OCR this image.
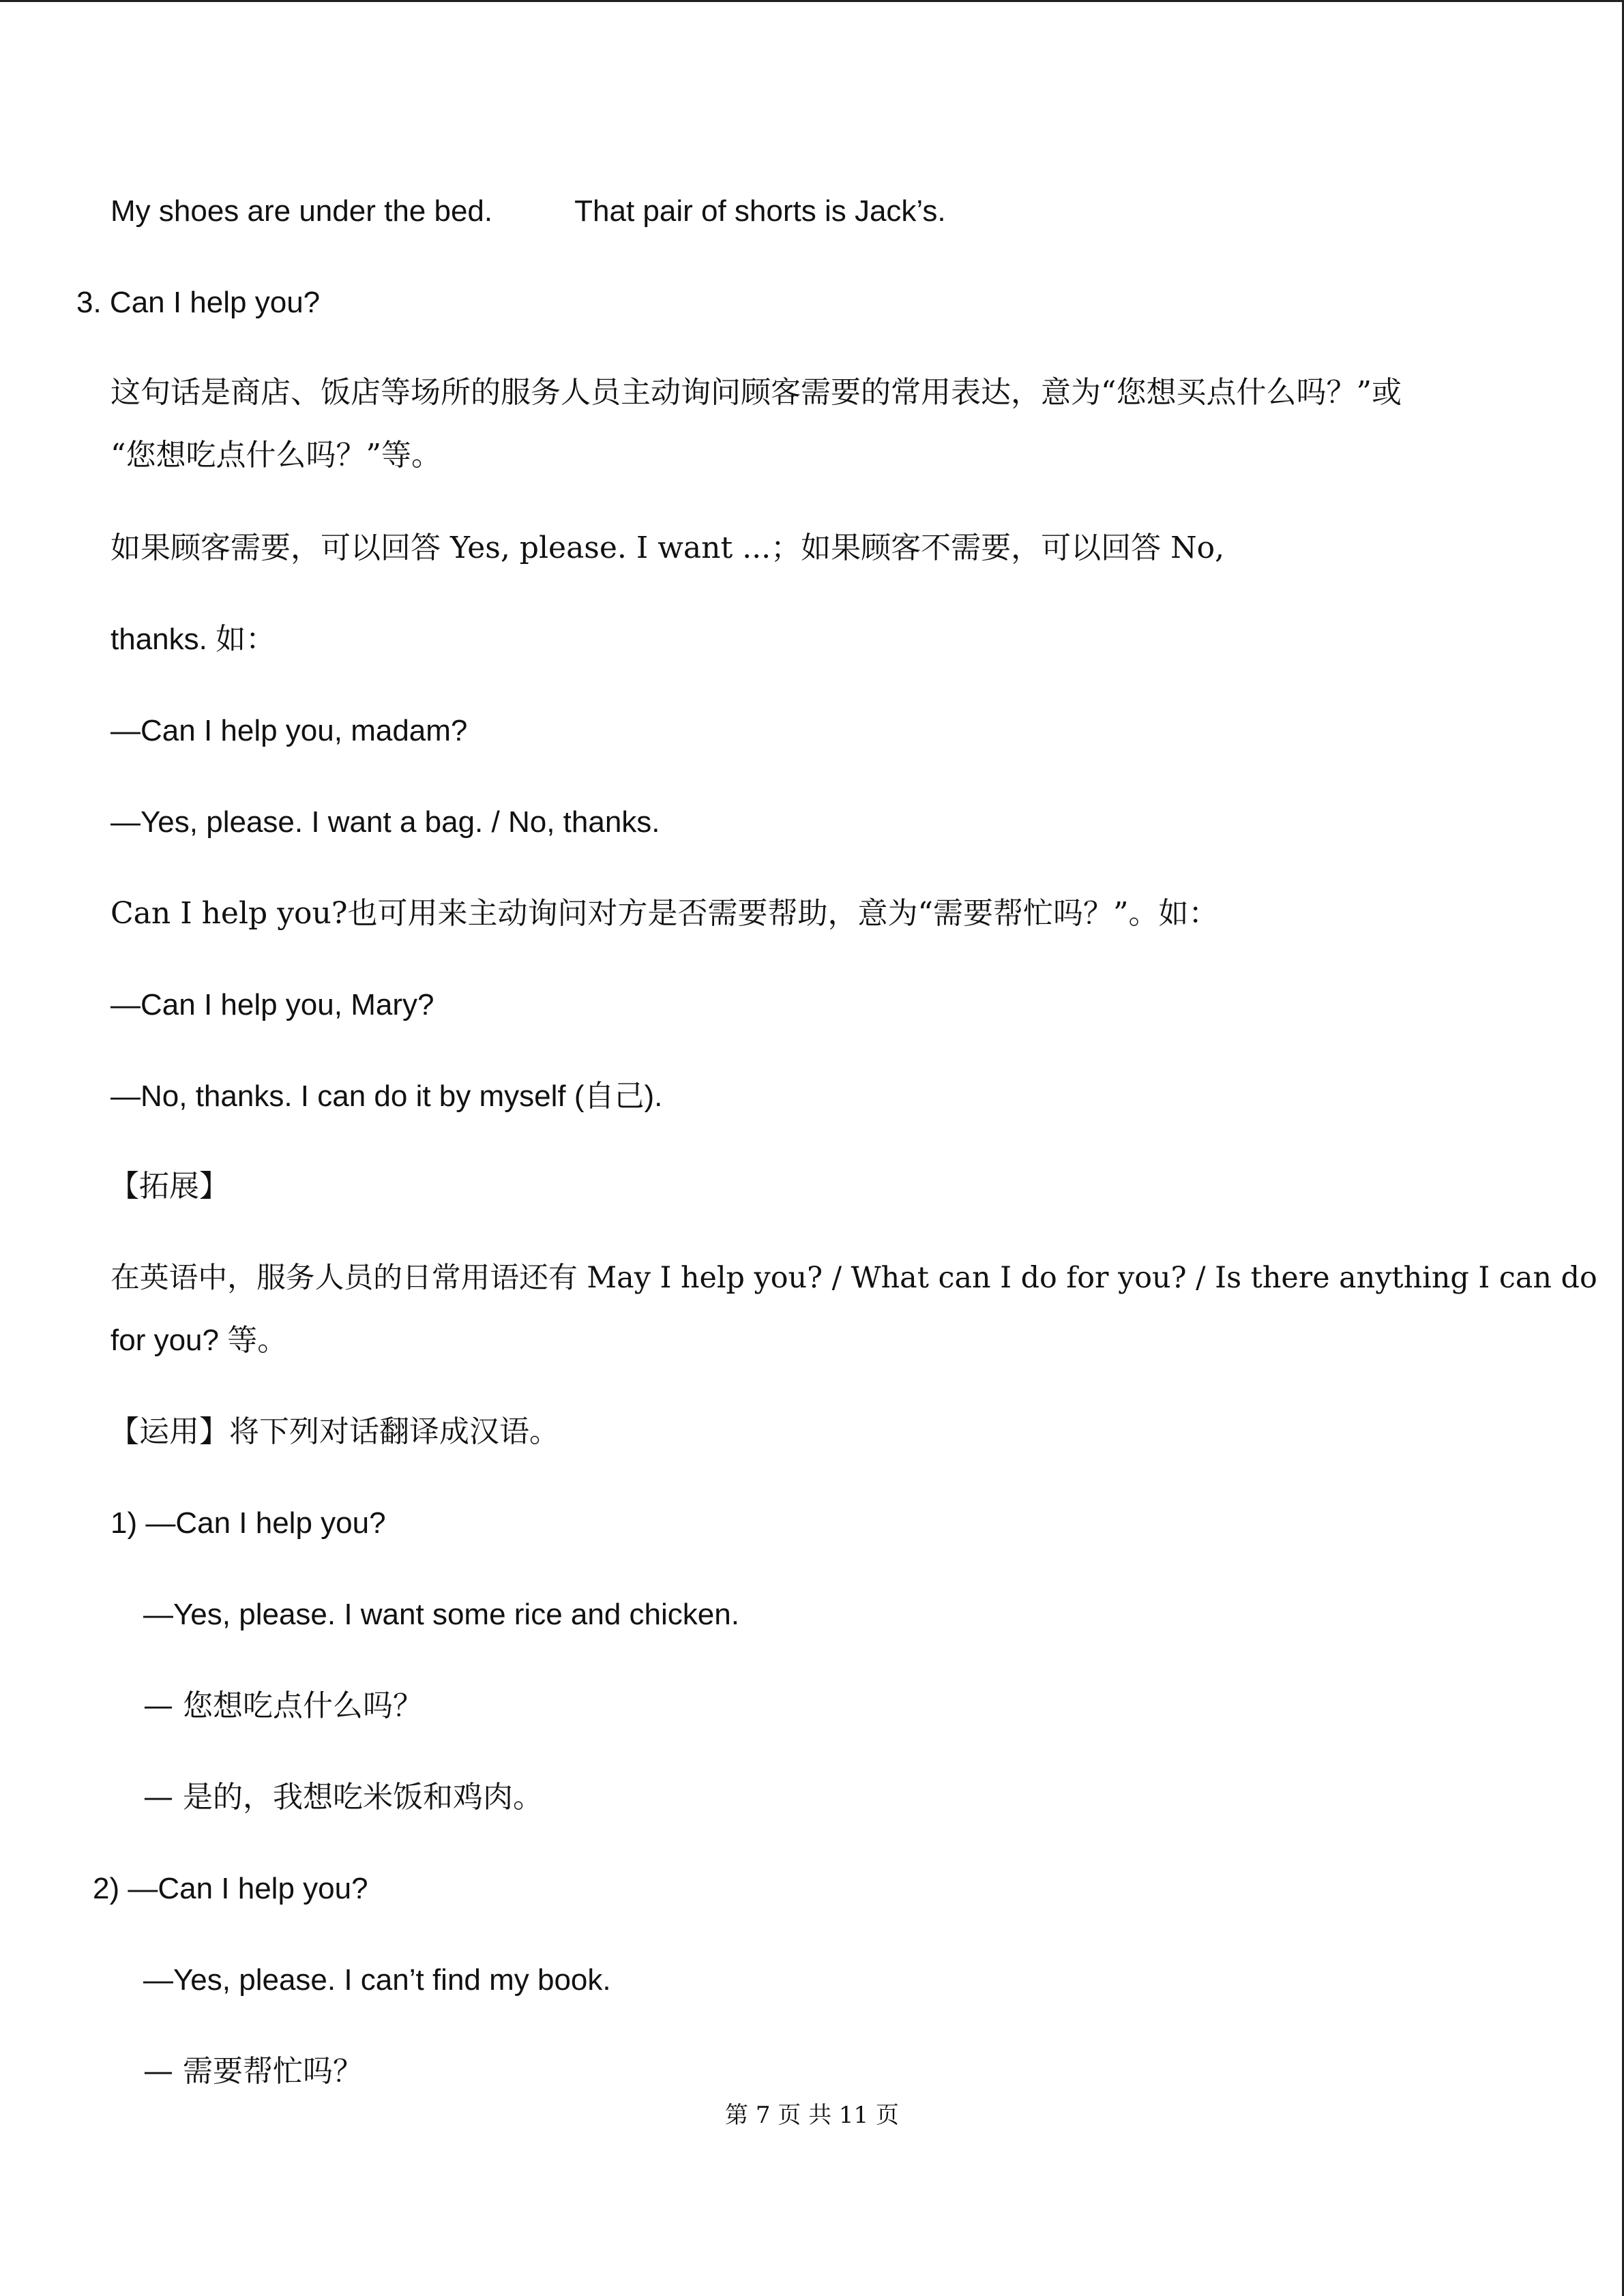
My shoes are under the bed.	That pair of shorts is Jack’s.

3. Can I help you?

这句话是商店、饭店等场所的服务人员主动询问顾客需要的常用表达，意为“您想买点什么吗？”或

“您想吃点什么吗？”等。

如果顾客需要，可以回答 Yes, please. I want ...；如果顾客不需要，可以回答 No,

thanks. 如：

—Can I help you, madam?

—Yes, please. I want a bag. / No, thanks.

Can I help you?也可用来主动询问对方是否需要帮助，意为“需要帮忙吗？”。如：

—Can I help you, Mary?

—No, thanks. I can do it by myself (自己).

【拓展】

在英语中，服务人员的日常用语还有 May I help you? / What can I do for you? / Is there anything I can do

for you? 等。

【运用】将下列对话翻译成汉语。

1) —Can I help you?

—Yes, please. I want some rice and chicken.

— 您想吃点什么吗？

— 是的，我想吃米饭和鸡肉。

2) —Can I help you?

—Yes, please. I can’t find my book.

— 需要帮忙吗？

第 7 页 共 11 页
